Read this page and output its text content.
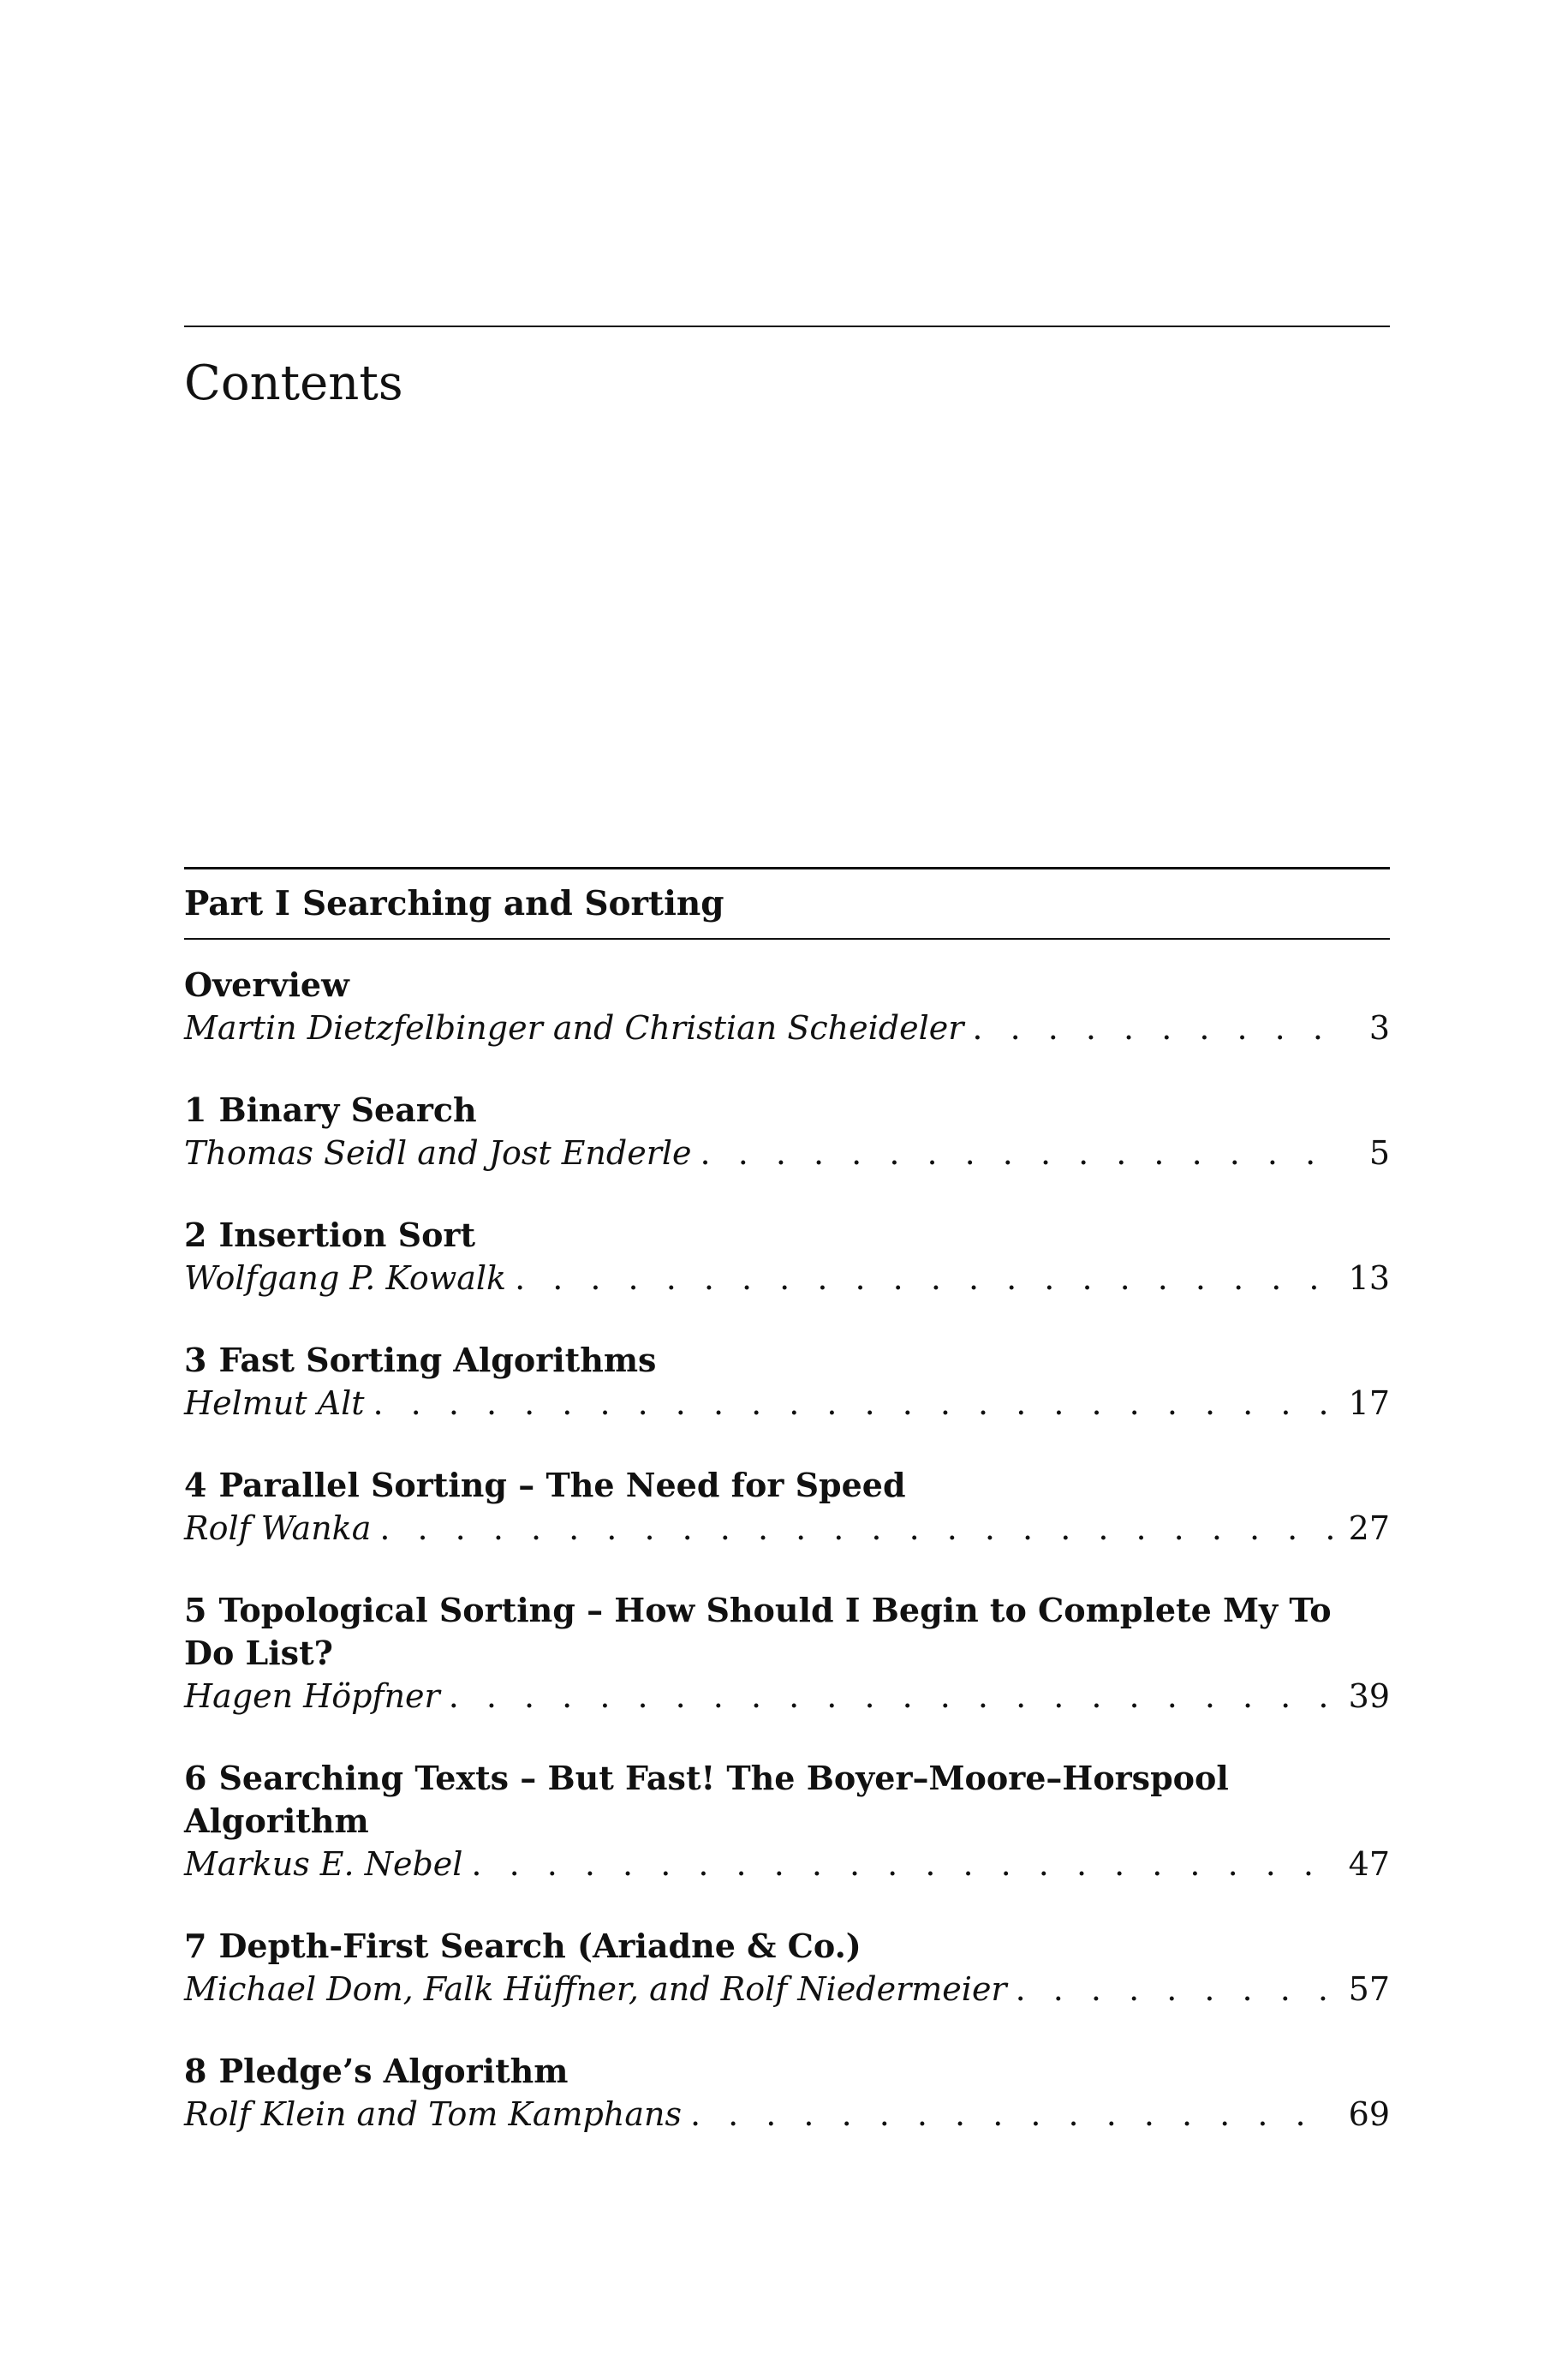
Contents
Part I Searching and Sorting
Overview
Martin Dietzfelbinger and Christian Scheideler . . .	3
1 Binary Search
Thomas Seidl and Jost Enderle . . .	5
2 Insertion Sort
Wolfgang P. Kowalk . . .	13
3 Fast Sorting Algorithms
Helmut Alt . . .	17
4 Parallel Sorting – The Need for Speed
Rolf Wanka . . .	27
5 Topological Sorting – How Should I Begin to Complete My To Do List?
Hagen Höpfner . . .	39
6 Searching Texts – But Fast! The Boyer–Moore–Horspool Algorithm
Markus E. Nebel . . .	47
7 Depth-First Search (Ariadne & Co.)
Michael Dom, Falk Hüffner, and Rolf Niedermeier . . .	57
8 Pledge’s Algorithm
Rolf Klein and Tom Kamphans . . .	69
